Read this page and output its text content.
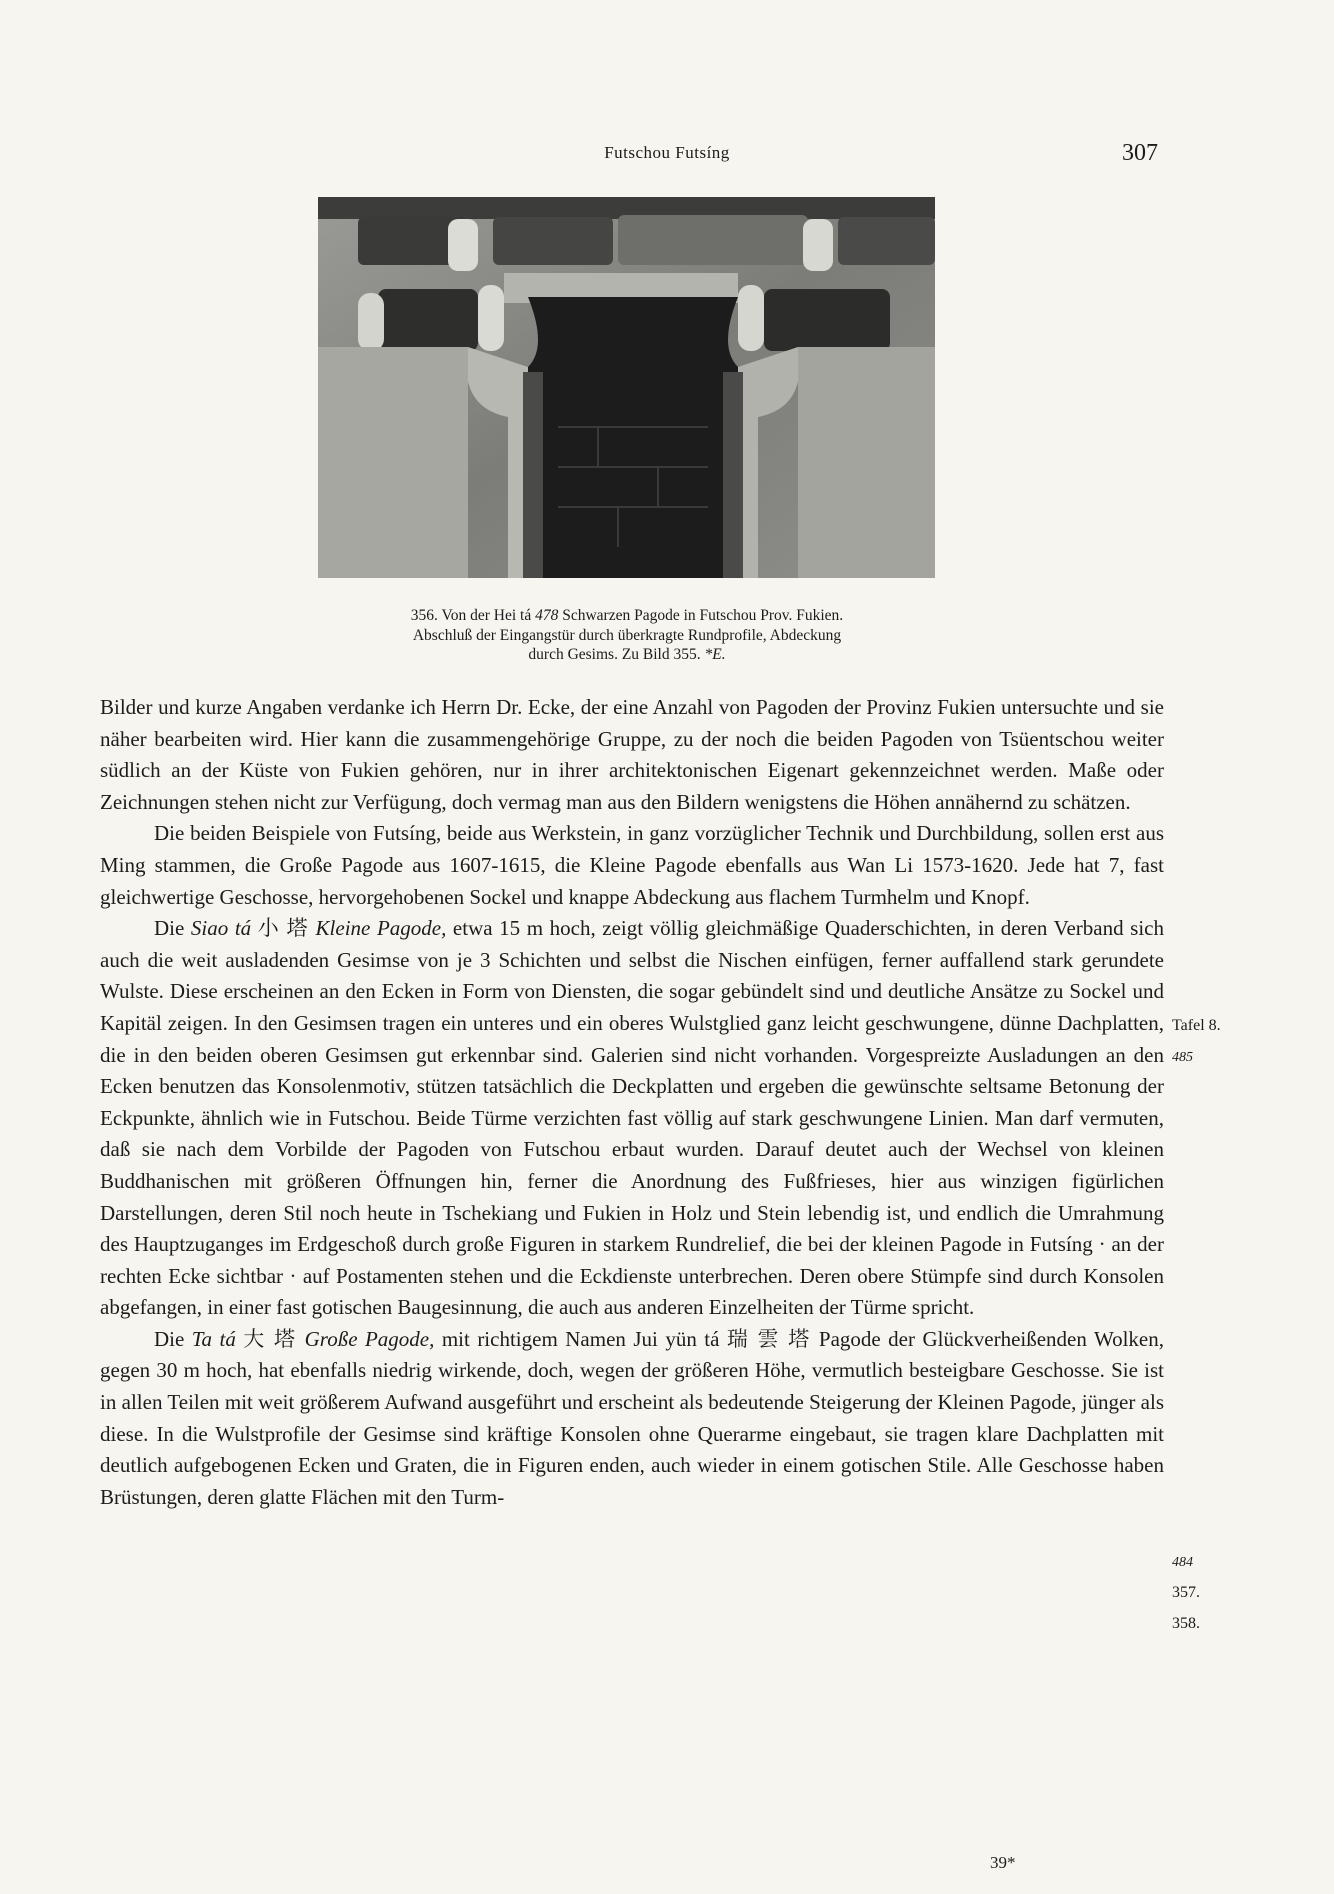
Futschou Futsíng	307
356. Von der Hei tá 478 Schwarzen Pagode in Futschou Prov. Fukien.
Abschluß der Eingangstür durch überkragte Rundprofile, Abdeckung
durch Gesims. Zu Bild 355. *E.

Bilder und kurze Angaben verdanke ich Herrn Dr. Ecke, der eine Anzahl von Pagoden der Provinz Fukien untersuchte und sie näher bearbeiten wird. Hier kann die zusammengehörige Gruppe, zu der noch die beiden Pagoden von Tsüentschou weiter südlich an der Küste von Fukien gehören, nur in ihrer architektonischen Eigenart gekennzeichnet werden. Maße oder Zeichnungen stehen nicht zur Verfügung, doch vermag man aus den Bildern wenigstens die Höhen annähernd zu schätzen.

Die beiden Beispiele von Futsíng, beide aus Werkstein, in ganz vorzüglicher Technik und Durchbildung, sollen erst aus Ming stammen, die Große Pagode aus 1607-1615, die Kleine Pagode ebenfalls aus Wan Li 1573-1620. Jede hat 7, fast gleichwertige Geschosse, hervorgehobenen Sockel und knappe Abdeckung aus flachem Turmhelm und Knopf.

Die Siao tá 小 塔 Kleine Pagode, etwa 15 m hoch, zeigt völlig gleichmäßige Quaderschichten, in deren Verband sich auch die weit ausladenden Gesimse von je 3 Schichten und selbst die Nischen einfügen, ferner auffallend stark gerundete Wulste. Diese erscheinen an den Ecken in Form von Diensten, die sogar gebündelt sind und deutliche Ansätze zu Sockel und Kapitäl zeigen. In den Gesimsen tragen ein unteres und ein oberes Wulstglied ganz leicht geschwungene, dünne Dachplatten, die in den beiden oberen Gesimsen gut erkennbar sind. Galerien sind nicht vorhanden. Vorgespreizte Ausladungen an den Ecken benutzen das Konsolenmotiv, stützen tatsächlich die Deckplatten und ergeben die gewünschte seltsame Betonung der Eckpunkte, ähnlich wie in Futschou. Beide Türme verzichten fast völlig auf stark geschwungene Linien. Man darf vermuten, daß sie nach dem Vorbilde der Pagoden von Futschou erbaut wurden. Darauf deutet auch der Wechsel von kleinen Buddhanischen mit größeren Öffnungen hin, ferner die Anordnung des Fußfrieses, hier aus winzigen figürlichen Darstellungen, deren Stil noch heute in Tschekiang und Fukien in Holz und Stein lebendig ist, und endlich die Umrahmung des Hauptzuganges im Erdgeschoß durch große Figuren in starkem Rundrelief, die bei der kleinen Pagode in Futsíng · an der rechten Ecke sichtbar · auf Postamenten stehen und die Eckdienste unterbrechen. Deren obere Stümpfe sind durch Konsolen abgefangen, in einer fast gotischen Baugesinnung, die auch aus anderen Einzelheiten der Türme spricht.

Die Ta tá 大 塔 Große Pagode, mit richtigem Namen Jui yün tá 瑞 雲 塔 Pagode der Glückverheißenden Wolken, gegen 30 m hoch, hat ebenfalls niedrig wirkende, doch, wegen der größeren Höhe, vermutlich besteigbare Geschosse. Sie ist in allen Teilen mit weit größerem Aufwand ausgeführt und erscheint als bedeutende Steigerung der Kleinen Pagode, jünger als diese. In die Wulstprofile der Gesimse sind kräftige Konsolen ohne Querarme eingebaut, sie tragen klare Dachplatten mit deutlich aufgebogenen Ecken und Graten, die in Figuren enden, auch wieder in einem gotischen Stile. Alle Geschosse haben Brüstungen, deren glatte Flächen mit den Turm-

Tafel 8.
485
484
357.
358.
39*
